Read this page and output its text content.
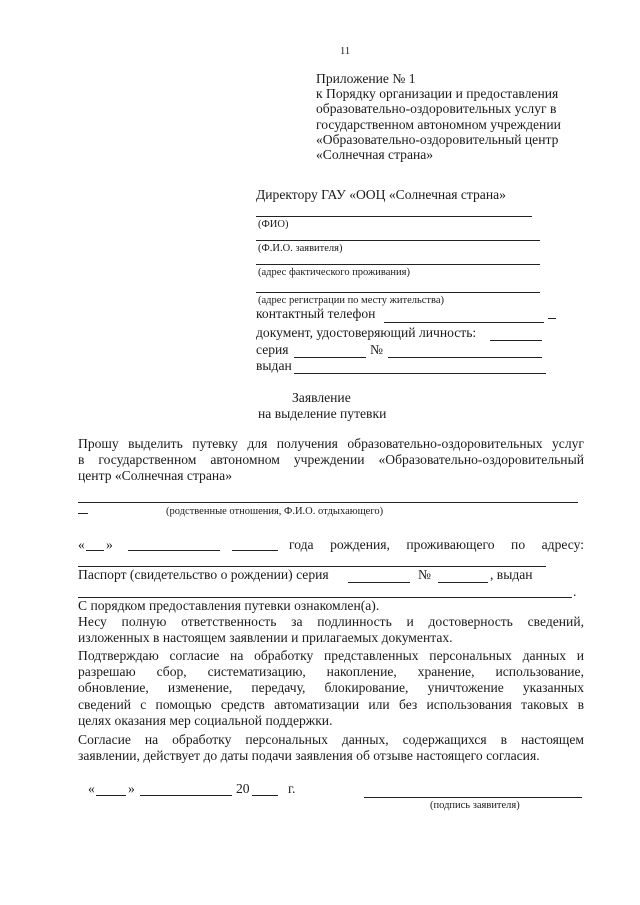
11
Приложение № 1
к Порядку организации и предоставления
образовательно-оздоровительных услуг в
государственном автономном учреждении
«Образовательно-оздоровительный центр
«Солнечная страна»
Директору ГАУ «ООЦ «Солнечная страна»
(ФИО)
(Ф.И.О. заявителя)
(адрес фактического проживания)
(адрес регистрации по месту жительства)
контактный телефон
документ, удостоверяющий личность:
серия	№
выдан
Заявление
на выделение путевки
Прошу выделить путевку для получения образовательно-оздоровительных услуг
в государственном автономном учреждении «Образовательно-оздоровительный
центр «Солнечная страна»
(родственные отношения, Ф.И.О. отдыхающего)
« »	года рождения, проживающего по адресу:
Паспорт (свидетельство о рождении) серия	№	, выдан
.
С порядком предоставления путевки ознакомлен(а).
Несу полную ответственность за подлинность и достоверность сведений,
изложенных в настоящем заявлении и прилагаемых документах.
Подтверждаю согласие на обработку представленных персональных данных и
разрешаю сбор, систематизацию, накопление, хранение, использование,
обновление, изменение, передачу, блокирование, уничтожение указанных
сведений с помощью средств автоматизации или без использования таковых в
целях оказания мер социальной поддержки.
Согласие на обработку персональных данных, содержащихся в настоящем
заявлении, действует до даты подачи заявления об отзыве настоящего согласия.
« »	20	г.
(подпись заявителя)
